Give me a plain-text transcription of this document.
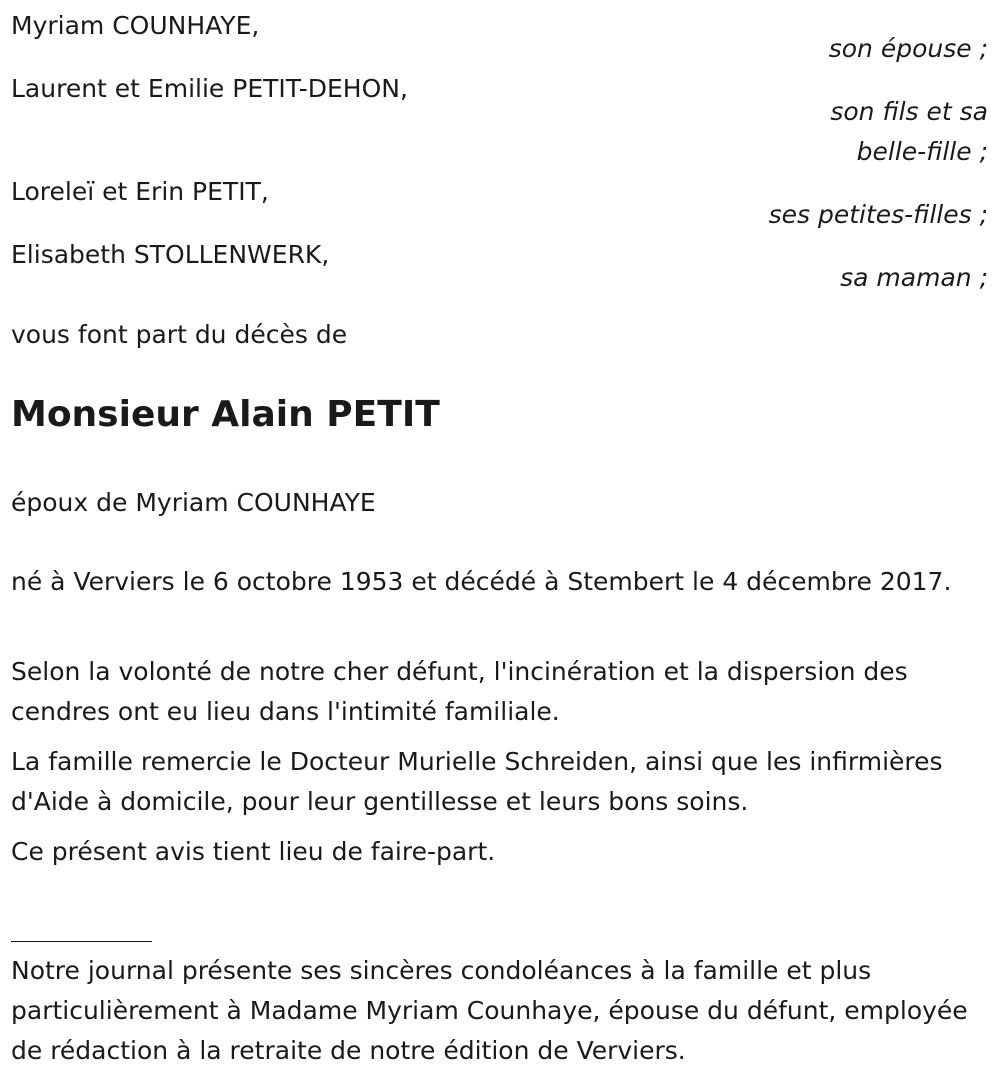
Myriam COUNHAYE,
son épouse ;
Laurent et Emilie PETIT-DEHON,
son fils et sa
belle-fille ;
Loreleï et Erin PETIT,
ses petites-filles ;
Elisabeth STOLLENWERK,
sa maman ;
vous font part du décès de
Monsieur Alain PETIT
époux de Myriam COUNHAYE
né à Verviers le 6 octobre 1953 et décédé à Stembert le 4 décembre 2017.
Selon la volonté de notre cher défunt, l'incinération et la dispersion des cendres ont eu lieu dans l'intimité familiale.
La famille remercie le Docteur Murielle Schreiden, ainsi que les infirmières d'Aide à domicile, pour leur gentillesse et leurs bons soins.
Ce présent avis tient lieu de faire-part.
Notre journal présente ses sincères condoléances à la famille et plus particulièrement à Madame Myriam Counhaye, épouse du défunt, employée de rédaction à la retraite de notre édition de Verviers.
